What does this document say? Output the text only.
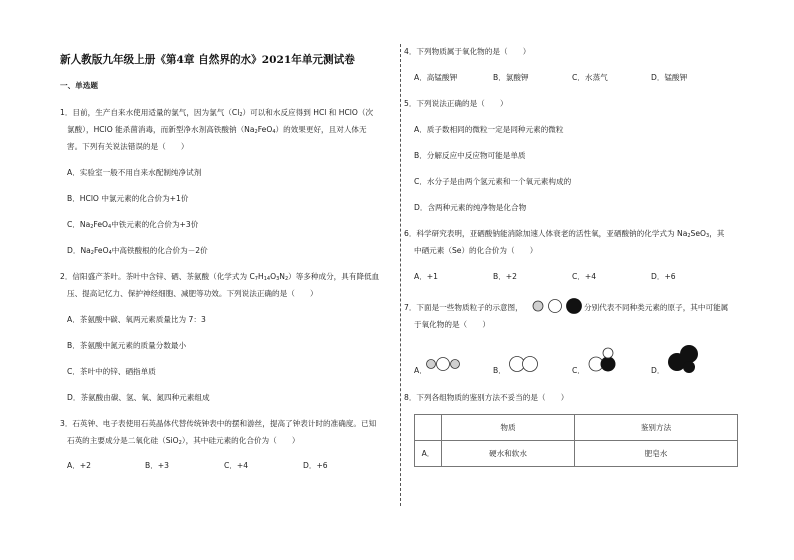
新人教版九年级上册《第4章 自然界的水》2021年单元测试卷
一、单选题
1．目前，生产自来水使用适量的氯气，因为氯气$(Cl_2)$可以和水反应得到 HCl 和 HClO（次
氯酸），HClO 能杀菌消毒，而新型净水剂高铁酸钠$(Na_2FeO_4)$的效果更好，且对人体无
害。下列有关说法错误的是（　　）
A．实验室一般不用自来水配制纯净试剂
B．HClO 中氯元素的化合价为+1价
C．$Na_2FeO_4$中铁元素的化合价为+3价
D．$Na_2FeO_4$中高铁酸根的化合价为－2价
2．信阳盛产茶叶。茶叶中含锌、硒、茶氨酸（化学式为 $C_7H_{14}O_3N_2$）等多种成分，具有降低血
压、提高记忆力、保护神经细胞、减肥等功效。下列说法正确的是（　　）
A．茶氨酸中碳、氧两元素质量比为 7：3
B．茶氨酸中氮元素的质量分数最小
C．茶叶中的锌、硒指单质
D．茶氨酸由碳、氢、氧、氮四种元素组成
3．石英钟、电子表使用石英晶体代替传统钟表中的摆和游丝，提高了钟表计时的准确度。已知
石英的主要成分是二氧化硅（SiO$_2$），其中硅元素的化合价为（　　）
A．+2	B．+3	C．+4	D．+6
4．下列物质属于氧化物的是（　　）
A．高锰酸钾	B．氯酸钾	C．水蒸气	D．锰酸钾
5．下列说法正确的是（　　）
A．质子数相同的微粒一定是同种元素的微粒
B．分解反应中反应物可能是单质
C．水分子是由两个氢元素和一个氧元素构成的
D．含两种元素的纯净物是化合物
6．科学研究表明，亚硒酸钠能消除加速人体衰老的活性氧，亚硒酸钠的化学式为 $Na_2SeO_3$，其
中硒元素（Se）的化合价为（　　）
A．+1	B．+2	C．+4	D．+6
7．下面是一些物质粒子的示意图，	分别代表不同种类元素的原子，其中可能属
于氧化物的是（　　）
A．	B．	C．	D．
8．下列各组物质的鉴别方法不妥当的是（　　）
	物质	鉴别方法
A．	硬水和软水	肥皂水
